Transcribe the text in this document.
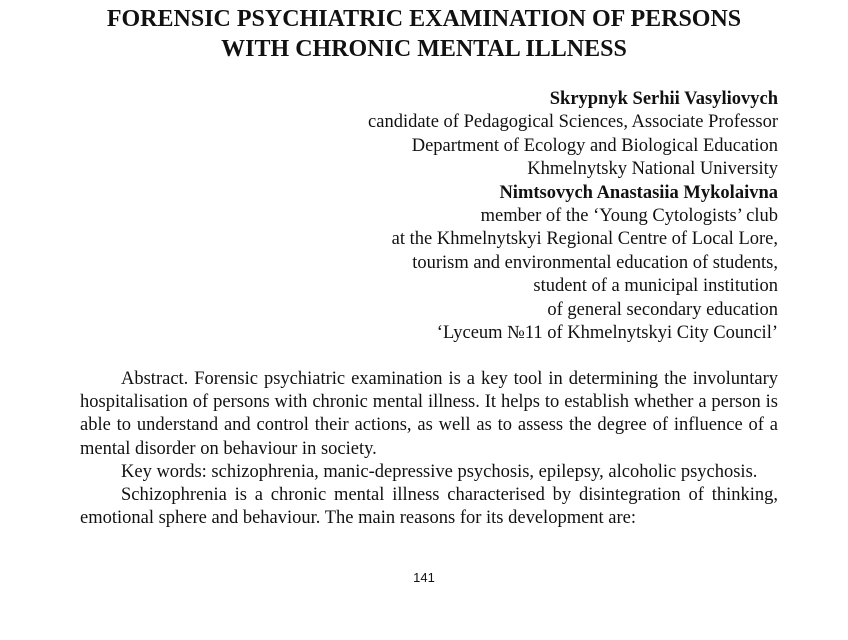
FORENSIC PSYCHIATRIC EXAMINATION OF PERSONS
WITH CHRONIC MENTAL ILLNESS
Skrypnyk Serhii Vasyliovych
candidate of Pedagogical Sciences, Associate Professor
Department of Ecology and Biological Education
Khmelnytsky National University
Nimtsovych Anastasiia Mykolaivna
member of the ‘Young Cytologists’ club
at the Khmelnytskyi Regional Centre of Local Lore,
tourism and environmental education of students,
student of a municipal institution
of general secondary education
‘Lyceum №11 of Khmelnytskyi City Council’

Abstract. Forensic psychiatric examination is a key tool in determining the involuntary hospitalisation of persons with chronic mental illness. It helps to establish whether a person is able to understand and control their actions, as well as to assess the degree of influence of a mental disorder on behaviour in society.

Key words: schizophrenia, manic-depressive psychosis, epilepsy, alcoholic psychosis.

Schizophrenia is a chronic mental illness characterised by disintegration of thinking, emotional sphere and behaviour. The main reasons for its development are:

141
